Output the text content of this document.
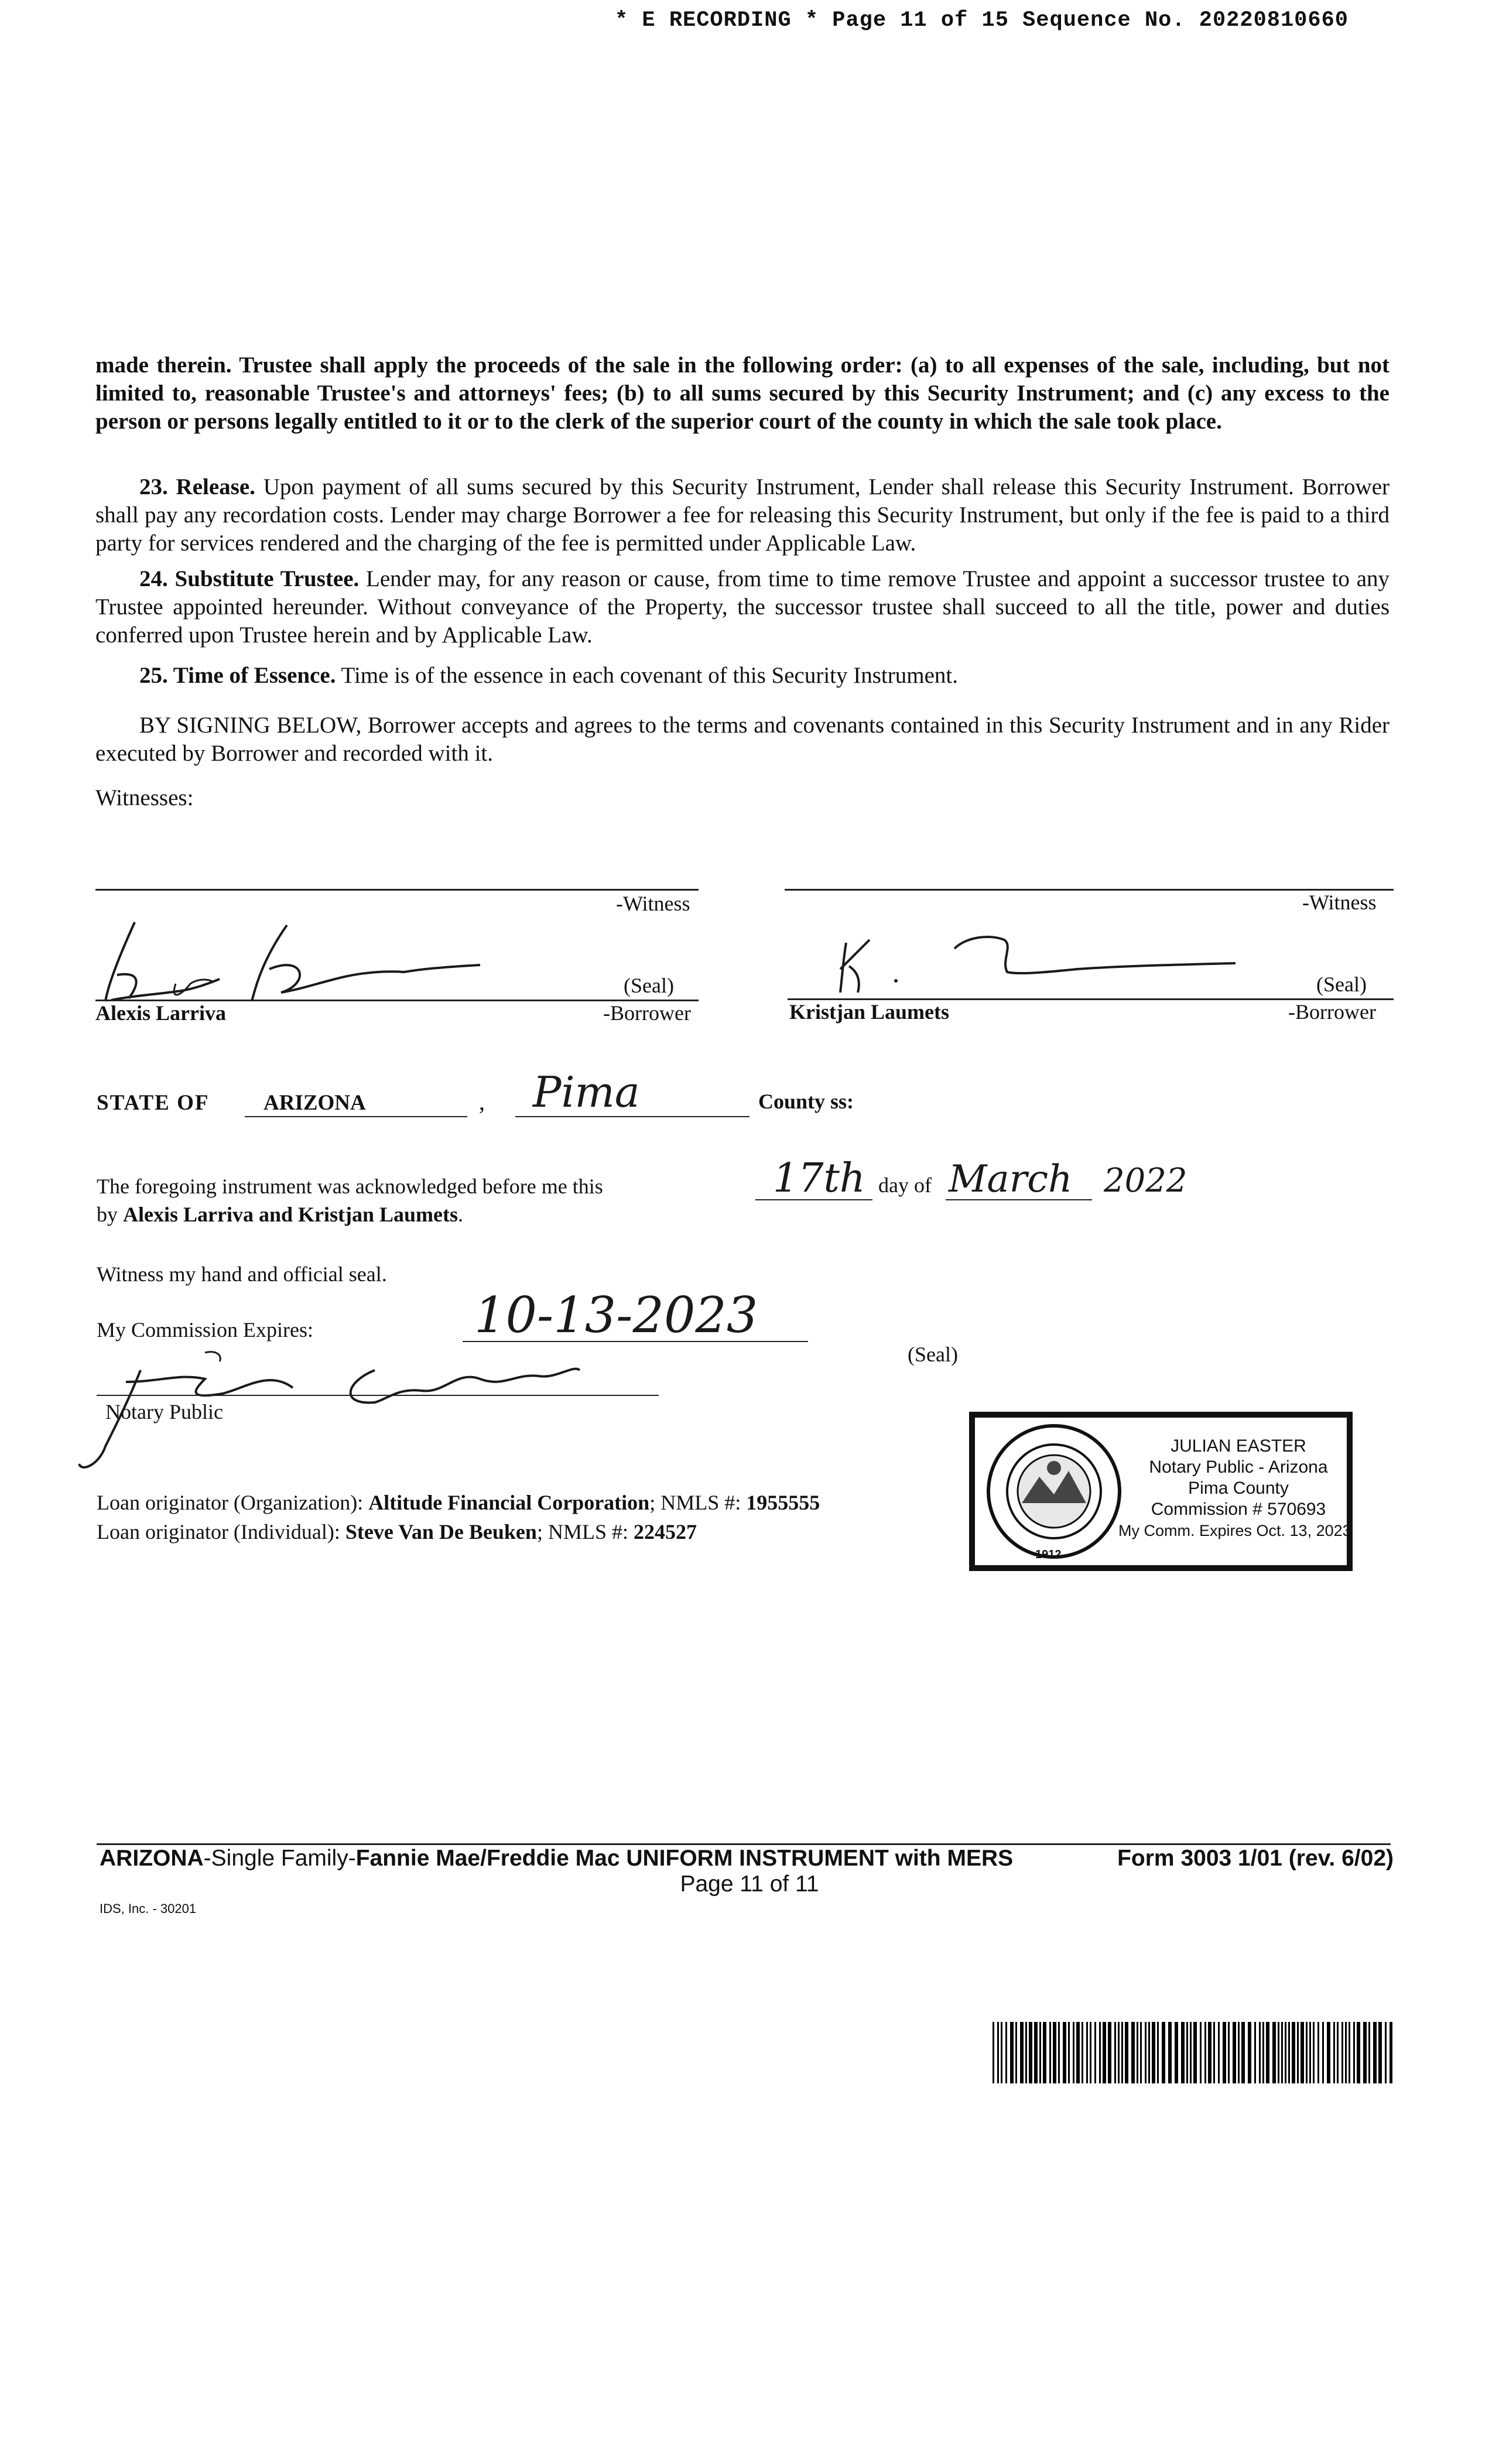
* E RECORDING * Page 11 of 15 Sequence No. 20220810660
made therein. Trustee shall apply the proceeds of the sale in the following order: (a) to all expenses of the sale, including, but not limited to, reasonable Trustee's and attorneys' fees; (b) to all sums secured by this Security Instrument; and (c) any excess to the person or persons legally entitled to it or to the clerk of the superior court of the county in which the sale took place.
23. Release. Upon payment of all sums secured by this Security Instrument, Lender shall release this Security Instrument. Borrower shall pay any recordation costs. Lender may charge Borrower a fee for releasing this Security Instrument, but only if the fee is paid to a third party for services rendered and the charging of the fee is permitted under Applicable Law.
24. Substitute Trustee. Lender may, for any reason or cause, from time to time remove Trustee and appoint a successor trustee to any Trustee appointed hereunder. Without conveyance of the Property, the successor trustee shall succeed to all the title, power and duties conferred upon Trustee herein and by Applicable Law.
25. Time of Essence. Time is of the essence in each covenant of this Security Instrument.
BY SIGNING BELOW, Borrower accepts and agrees to the terms and covenants contained in this Security Instrument and in any Rider executed by Borrower and recorded with it.
Witnesses:
-Witness	-Witness
(Seal)
Alexis Larriva	-Borrower
(Seal)
Kristjan Laumets	-Borrower
STATE OF	ARIZONA	, Pima	County ss:
The foregoing instrument was acknowledged before me this
by Alexis Larriva and Kristjan Laumets.
17th day of March 2022
Witness my hand and official seal.
My Commission Expires:	10-13-2023
(Seal)
Notary Public
1912
JULIAN EASTER
Notary Public - Arizona
Pima County
Commission # 570693
My Comm. Expires Oct. 13, 2023
Loan originator (Organization): Altitude Financial Corporation; NMLS #: 1955555
Loan originator (Individual): Steve Van De Beuken; NMLS #: 224527
ARIZONA-Single Family-Fannie Mae/Freddie Mac UNIFORM INSTRUMENT with MERS	Form 3003 1/01 (rev. 6/02)
Page 11 of 11
IDS, Inc. - 30201
